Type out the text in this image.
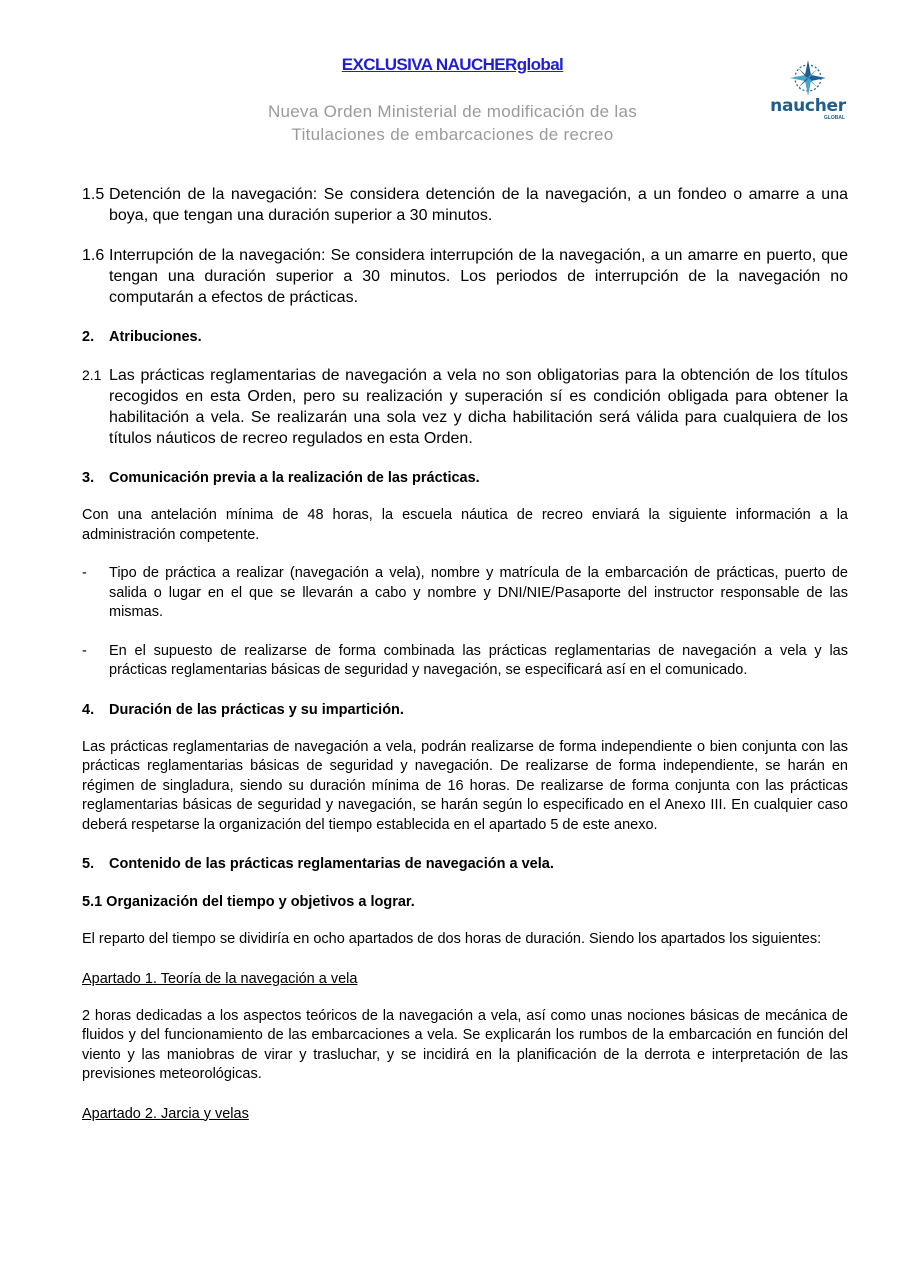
EXCLUSIVA NAUCHERglobal
Nueva Orden Ministerial de modificación de las
Titulaciones de embarcaciones de recreo
naucher
GLOBAL
1.5 Detención de la navegación: Se considera detención de la navegación, a un fondeo o amarre a una boya, que tengan una duración superior a 30 minutos.
1.6 Interrupción de la navegación: Se considera interrupción de la navegación, a un amarre en puerto, que tengan una duración superior a 30 minutos. Los periodos de interrupción de la navegación no computarán a efectos de prácticas.
2. Atribuciones.
2.1 Las prácticas reglamentarias de navegación a vela no son obligatorias para la obtención de los títulos recogidos en esta Orden, pero su realización y superación sí es condición obligada para obtener la habilitación a vela. Se realizarán una sola vez y dicha habilitación será válida para cualquiera de los títulos náuticos de recreo regulados en esta Orden.
3. Comunicación previa a la realización de las prácticas.
Con una antelación mínima de 48 horas, la escuela náutica de recreo enviará la siguiente información a la administración competente.
- Tipo de práctica a realizar (navegación a vela), nombre y matrícula de la embarcación de prácticas, puerto de salida o lugar en el que se llevarán a cabo y nombre y DNI/NIE/Pasaporte del instructor responsable de las mismas.
- En el supuesto de realizarse de forma combinada las prácticas reglamentarias de navegación a vela y las prácticas reglamentarias básicas de seguridad y navegación, se especificará así en el comunicado.
4. Duración de las prácticas y su impartición.
Las prácticas reglamentarias de navegación a vela, podrán realizarse de forma independiente o bien conjunta con las prácticas reglamentarias básicas de seguridad y navegación. De realizarse de forma independiente, se harán en régimen de singladura, siendo su duración mínima de 16 horas. De realizarse de forma conjunta con las prácticas reglamentarias básicas de seguridad y navegación, se harán según lo especificado en el Anexo III. En cualquier caso deberá respetarse la organización del tiempo establecida en el apartado 5 de este anexo.
5. Contenido de las prácticas reglamentarias de navegación a vela.
5.1 Organización del tiempo y objetivos a lograr.
El reparto del tiempo se dividiría en ocho apartados de dos horas de duración. Siendo los apartados los siguientes:
Apartado 1. Teoría de la navegación a vela
2 horas dedicadas a los aspectos teóricos de la navegación a vela, así como unas nociones básicas de mecánica de fluidos y del funcionamiento de las embarcaciones a vela. Se explicarán los rumbos de la embarcación en función del viento y las maniobras de virar y trasluchar, y se incidirá en la planificación de la derrota e interpretación de las previsiones meteorológicas.
Apartado 2. Jarcia y velas
